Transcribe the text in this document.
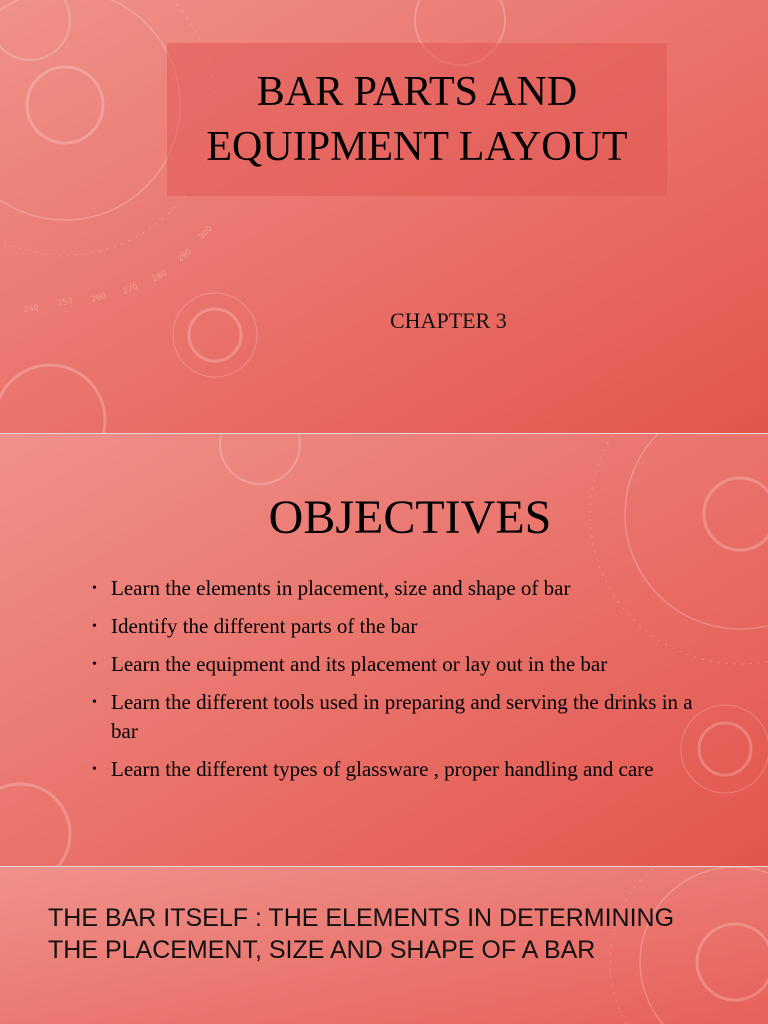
240
250 260
270
280
290
300
BAR PARTS AND
EQUIPMENT LAYOUT
CHAPTER 3
OBJECTIVES
• Learn the elements in placement, size and shape of bar
• Identify the different parts of the bar
• Learn the equipment and its placement or lay out in the bar
• Learn the different tools used in preparing and serving the drinks in a bar
• Learn the different types of glassware , proper handling and care
THE BAR ITSELF : THE ELEMENTS IN DETERMINING THE PLACEMENT, SIZE AND SHAPE OF A BAR
